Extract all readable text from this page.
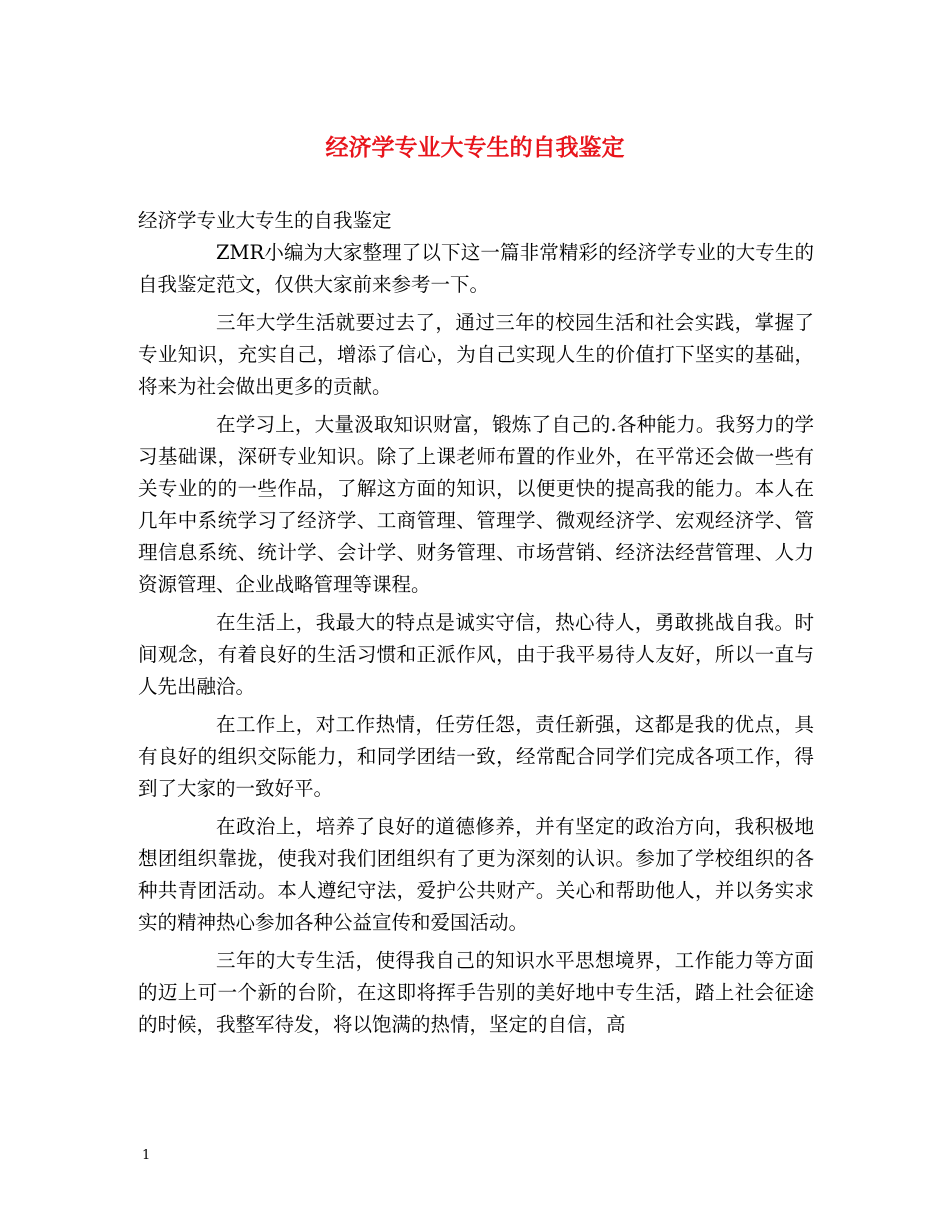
经济学专业大专生的自我鉴定

经济学专业大专生的自我鉴定

ZMR小编为大家整理了以下这一篇非常精彩的经济学专业的大专生的自我鉴定范文，仅供大家前来参考一下。

三年大学生活就要过去了，通过三年的校园生活和社会实践，掌握了专业知识，充实自己，增添了信心，为自己实现人生的价值打下坚实的基础，将来为社会做出更多的贡献。

在学习上，大量汲取知识财富，锻炼了自己的.各种能力。我努力的学习基础课，深研专业知识。除了上课老师布置的作业外，在平常还会做一些有关专业的的一些作品，了解这方面的知识，以便更快的提高我的能力。本人在几年中系统学习了经济学、工商管理、管理学、微观经济学、宏观经济学、管理信息系统、统计学、会计学、财务管理、市场营销、经济法经营管理、人力资源管理、企业战略管理等课程。

在生活上，我最大的特点是诚实守信，热心待人，勇敢挑战自我。时间观念，有着良好的生活习惯和正派作风，由于我平易待人友好，所以一直与人先出融洽。

在工作上，对工作热情，任劳任怨，责任新强，这都是我的优点，具有良好的组织交际能力，和同学团结一致，经常配合同学们完成各项工作，得到了大家的一致好平。

在政治上，培养了良好的道德修养，并有坚定的政治方向，我积极地想团组织靠拢，使我对我们团组织有了更为深刻的认识。参加了学校组织的各种共青团活动。本人遵纪守法，爱护公共财产。关心和帮助他人，并以务实求实的精神热心参加各种公益宣传和爱国活动。

三年的大专生活，使得我自己的知识水平思想境界，工作能力等方面的迈上可一个新的台阶，在这即将挥手告别的美好地中专生活，踏上社会征途的时候，我整军待发，将以饱满的热情，坚定的自信，高

1
